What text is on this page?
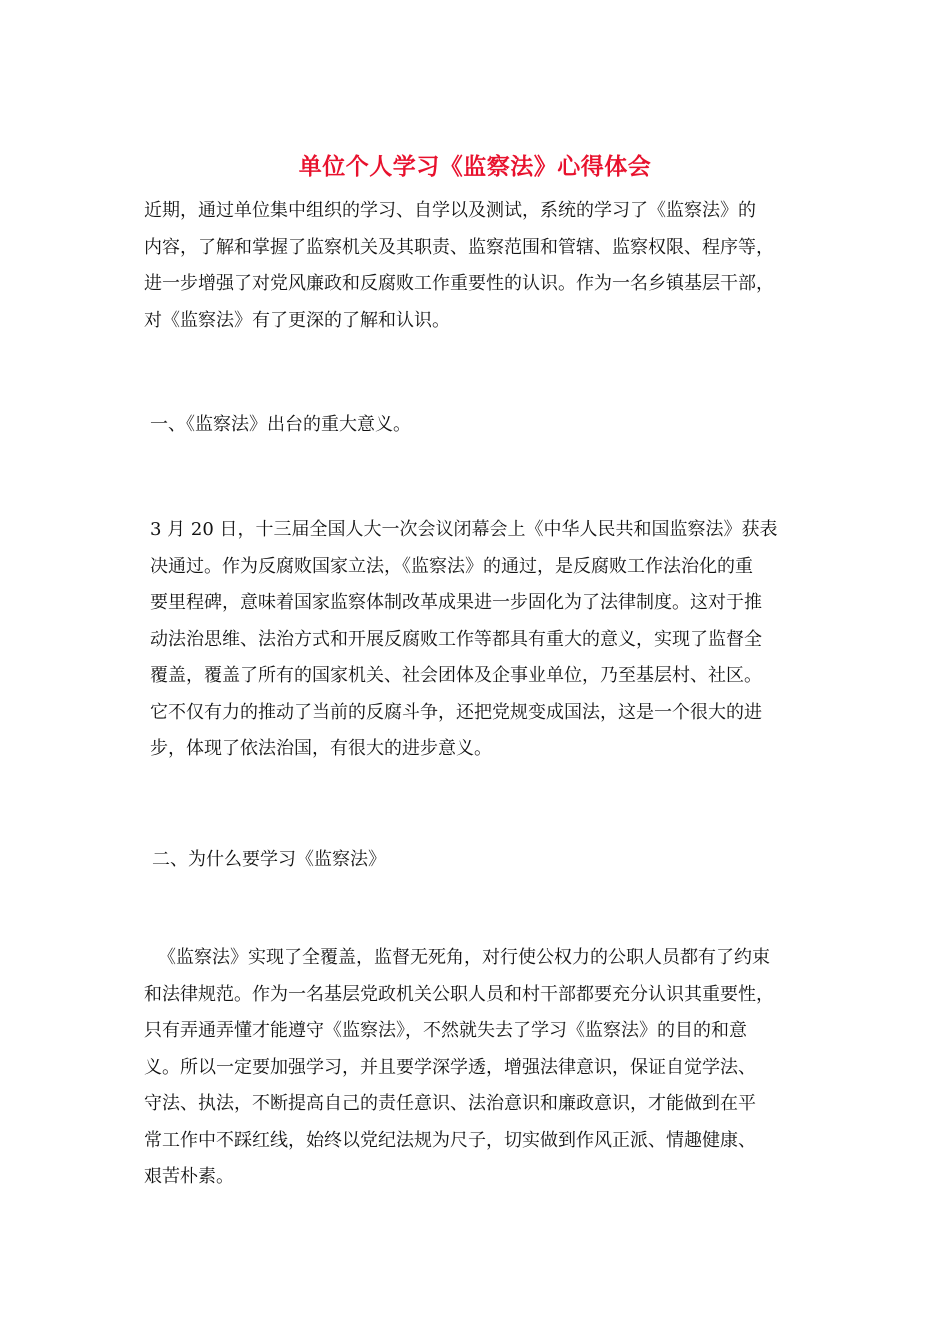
单位个人学习《监察法》心得体会
近期，通过单位集中组织的学习、自学以及测试，系统的学习了《监察法》的
内容，了解和掌握了监察机关及其职责、监察范围和管辖、监察权限、程序等，
进一步增强了对党风廉政和反腐败工作重要性的认识。作为一名乡镇基层干部，
对《监察法》有了更深的了解和认识。
一、《监察法》出台的重大意义。
3 月 20 日，十三届全国人大一次会议闭幕会上《中华人民共和国监察法》获表
决通过。作为反腐败国家立法，《监察法》的通过，是反腐败工作法治化的重
要里程碑，意味着国家监察体制改革成果进一步固化为了法律制度。这对于推
动法治思维、法治方式和开展反腐败工作等都具有重大的意义，实现了监督全
覆盖，覆盖了所有的国家机关、社会团体及企事业单位，乃至基层村、社区。
它不仅有力的推动了当前的反腐斗争，还把党规变成国法，这是一个很大的进
步，体现了依法治国，有很大的进步意义。
二、为什么要学习《监察法》
《监察法》实现了全覆盖，监督无死角，对行使公权力的公职人员都有了约束
和法律规范。作为一名基层党政机关公职人员和村干部都要充分认识其重要性，
只有弄通弄懂才能遵守《监察法》，不然就失去了学习《监察法》的目的和意
义。所以一定要加强学习，并且要学深学透，增强法律意识，保证自觉学法、
守法、执法，不断提高自己的责任意识、法治意识和廉政意识，才能做到在平
常工作中不踩红线，始终以党纪法规为尺子，切实做到作风正派、情趣健康、
艰苦朴素。
